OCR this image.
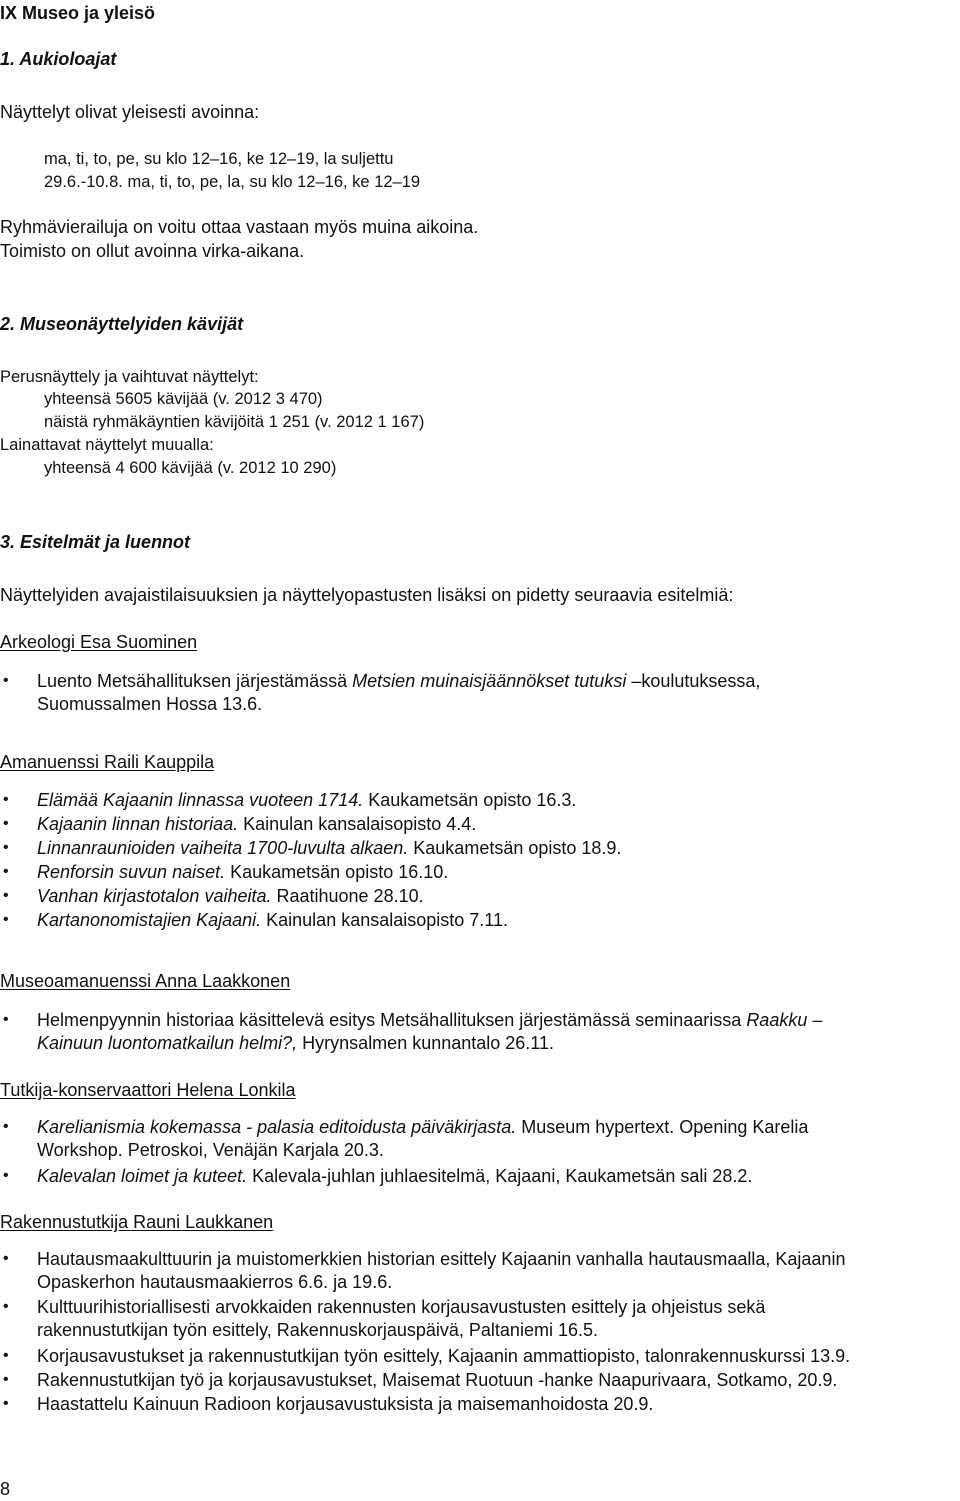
IX Museo ja yleisö
1. Aukioloajat
Näyttelyt olivat yleisesti avoinna:
ma, ti, to, pe, su klo 12–16, ke 12–19, la suljettu
29.6.-10.8. ma, ti, to, pe, la, su klo 12–16, ke 12–19
Ryhmävierailuja on voitu ottaa vastaan myös muina aikoina.
Toimisto on ollut avoinna virka-aikana.
2. Museonäyttelyiden kävijät
Perusnäyttely ja vaihtuvat näyttelyt:
yhteensä 5605 kävijää (v. 2012 3 470)
näistä ryhmäkäyntien kävijöitä 1 251 (v. 2012 1 167)
Lainattavat näyttelyt muualla:
yhteensä 4 600 kävijää (v. 2012 10 290)
3. Esitelmät ja luennot
Näyttelyiden avajaistilaisuuksien ja näyttelyopastusten lisäksi on pidetty seuraavia esitelmiä:
Arkeologi Esa Suominen
• Luento Metsähallituksen järjestämässä Metsien muinaisjäännökset tutuksi –koulutuksessa,
Suomussalmen Hossa 13.6.
Amanuenssi Raili Kauppila
• Elämää Kajaanin linnassa vuoteen 1714. Kaukametsän opisto 16.3.
• Kajaanin linnan historiaa. Kainulan kansalaisopisto 4.4.
• Linnanraunioiden vaiheita 1700-luvulta alkaen. Kaukametsän opisto 18.9.
• Renforsin suvun naiset. Kaukametsän opisto 16.10.
• Vanhan kirjastotalon vaiheita. Raatihuone 28.10.
• Kartanonomistajien Kajaani. Kainulan kansalaisopisto 7.11.
Museoamanuenssi Anna Laakkonen
• Helmenpyynnin historiaa käsittelevä esitys Metsähallituksen järjestämässä seminaarissa Raakku –
Kainuun luontomatkailun helmi?, Hyrynsalmen kunnantalo 26.11.
Tutkija-konservaattori Helena Lonkila
• Karelianismia kokemassa - palasia editoidusta päiväkirjasta. Museum hypertext. Opening Karelia
Workshop. Petroskoi, Venäjän Karjala 20.3.
• Kalevalan loimet ja kuteet. Kalevala-juhlan juhlaesitelmä, Kajaani, Kaukametsän sali 28.2.
Rakennustutkija Rauni Laukkanen
• Hautausmaakulttuurin ja muistomerkkien historian esittely Kajaanin vanhalla hautausmaalla, Kajaanin
Opaskerhon hautausmaakierros 6.6. ja 19.6.
• Kulttuurihistoriallisesti arvokkaiden rakennusten korjausavustusten esittely ja ohjeistus sekä
rakennustutkijan työn esittely, Rakennuskorjauspäivä, Paltaniemi 16.5.
• Korjausavustukset ja rakennustutkijan työn esittely, Kajaanin ammattiopisto, talonrakennuskurssi 13.9.
• Rakennustutkijan työ ja korjausavustukset, Maisemat Ruotuun -hanke Naapurivaara, Sotkamo, 20.9.
• Haastattelu Kainuun Radioon korjausavustuksista ja maisemanhoidosta 20.9.
8
